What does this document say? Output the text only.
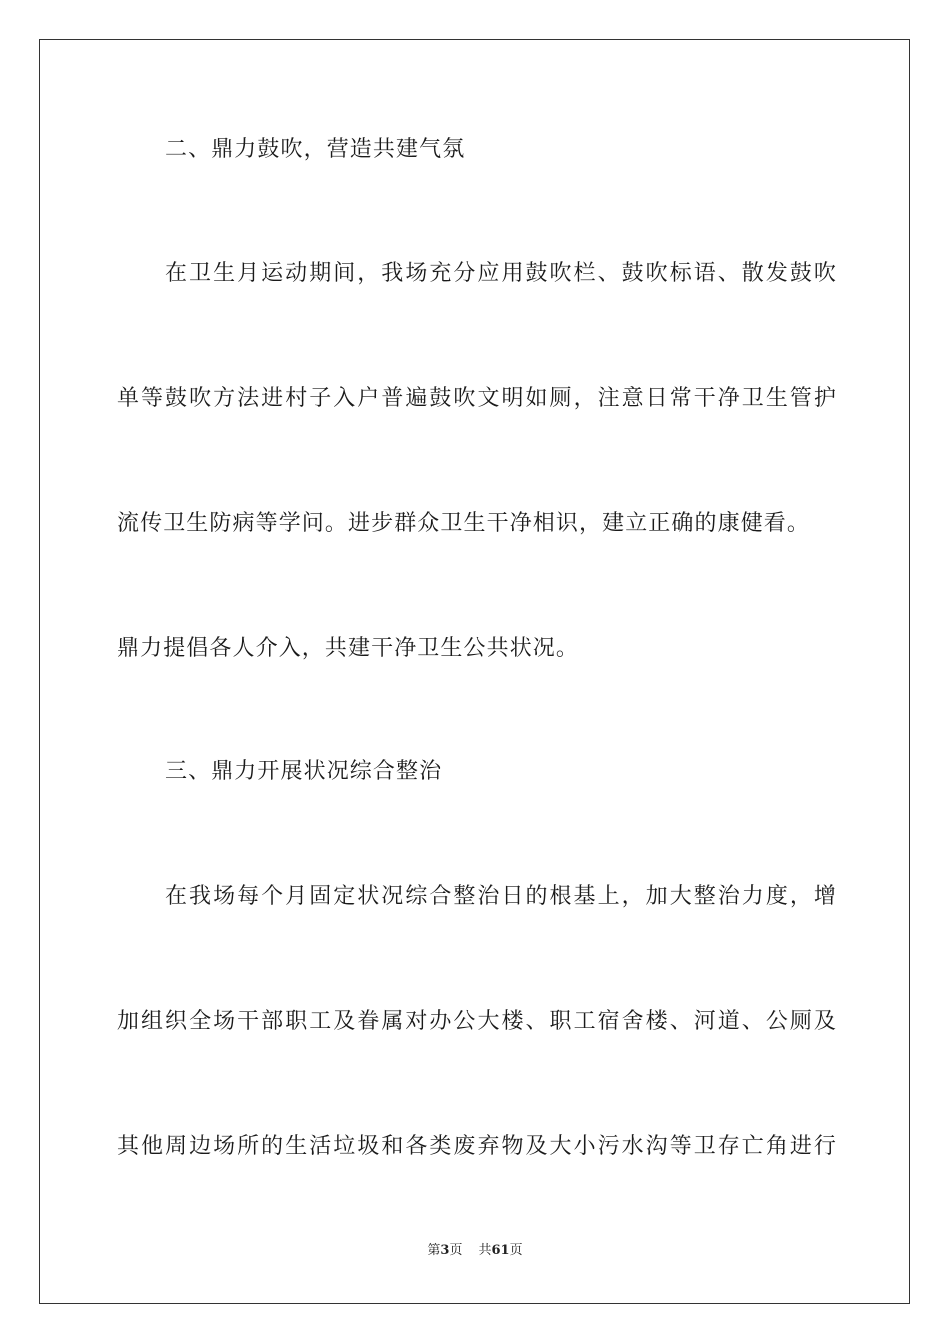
二、鼎力鼓吹，营造共建气氛
在卫生月运动期间，我场充分应用鼓吹栏、鼓吹标语、散发鼓吹
单等鼓吹方法进村子入户普遍鼓吹文明如厕，注意日常干净卫生管护
流传卫生防病等学问。进步群众卫生干净相识，建立正确的康健看。
鼎力提倡各人介入，共建干净卫生公共状况。
三、鼎力开展状况综合整治
在我场每个月固定状况综合整治日的根基上，加大整治力度，增
加组织全场干部职工及眷属对办公大楼、职工宿舍楼、河道、公厕及
其他周边场所的生活垃圾和各类废弃物及大小污水沟等卫存亡角进行
第3页 共61页
